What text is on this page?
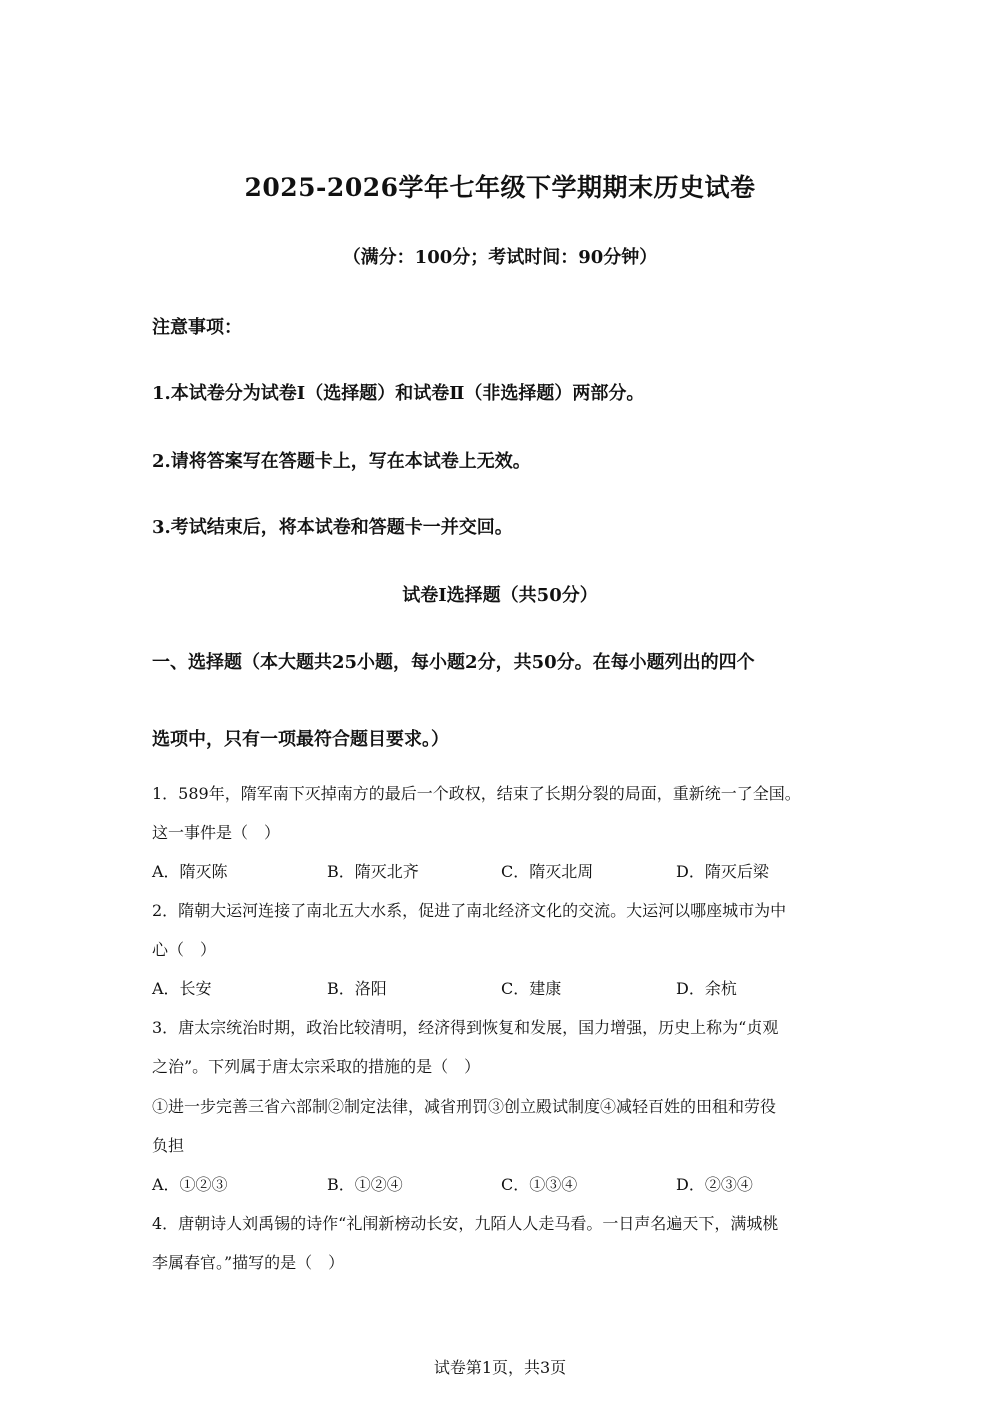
2025-2026学年七年级下学期期末历史试卷
（满分：100分；考试时间：90分钟）
注意事项：
1.本试卷分为试卷Ⅰ（选择题）和试卷Ⅱ（非选择题）两部分。
2.请将答案写在答题卡上，写在本试卷上无效。
3.考试结束后，将本试卷和答题卡一并交回。
试卷Ⅰ选择题（共50分）
一、选择题（本大题共25小题，每小题2分，共50分。在每小题列出的四个
选项中，只有一项最符合题目要求。）
1．589年，隋军南下灭掉南方的最后一个政权，结束了长期分裂的局面，重新统一了全国。
这一事件是（　）
A．隋灭陈	B．隋灭北齐	C．隋灭北周	D．隋灭后梁
2．隋朝大运河连接了南北五大水系，促进了南北经济文化的交流。大运河以哪座城市为中
心（　）
A．长安	B．洛阳	C．建康	D．余杭
3．唐太宗统治时期，政治比较清明，经济得到恢复和发展，国力增强，历史上称为“贞观
之治”。下列属于唐太宗采取的措施的是（　）
①进一步完善三省六部制②制定法律，减省刑罚③创立殿试制度④减轻百姓的田租和劳役
负担
A．①②③	B．①②④	C．①③④	D．②③④
4．唐朝诗人刘禹锡的诗作“礼闱新榜动长安，九陌人人走马看。一日声名遍天下，满城桃
李属春官。”描写的是（　）
试卷第1页，共3页
